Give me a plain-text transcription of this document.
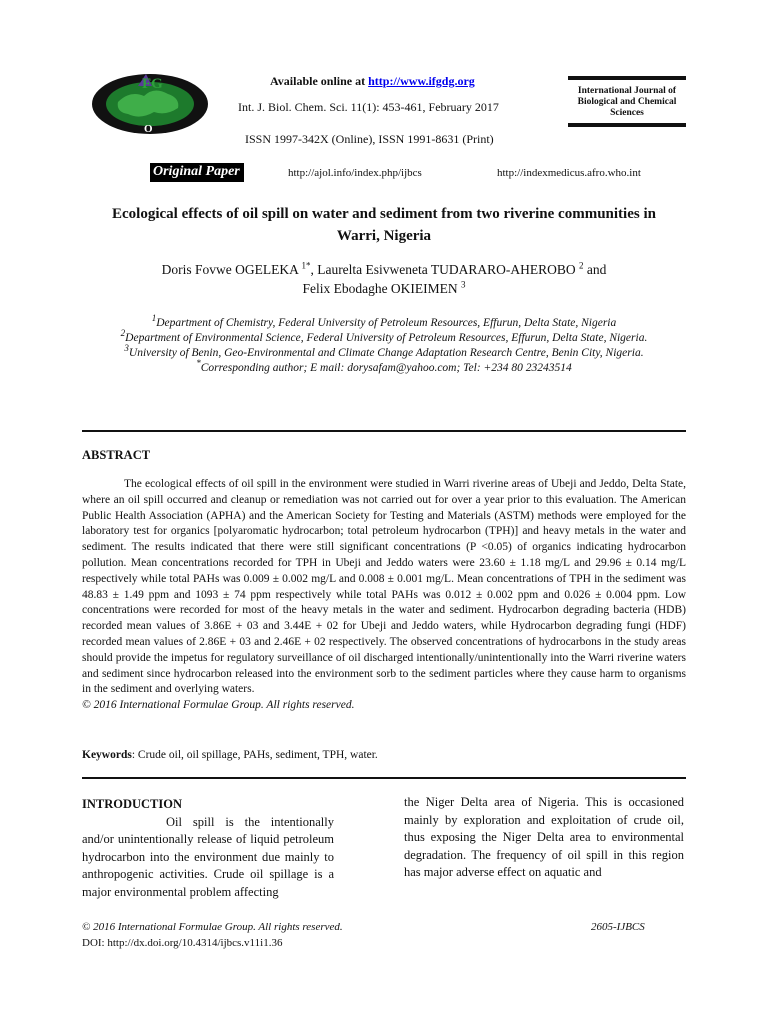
FG
O
Available online at http://www.ifgdg.org
Int. J. Biol. Chem. Sci. 11(1): 453-461, February 2017
ISSN 1997-342X (Online), ISSN 1991-8631 (Print)
International Journal of Biological and Chemical Sciences
Original Paper	http://ajol.info/index.php/ijbcs	http://indexmedicus.afro.who.int
Ecological effects of oil spill on water and sediment from two riverine communities in Warri, Nigeria
Doris Fovwe OGELEKA $^{1*}$, Laurelta Esivweneta TUDARARO-AHEROBO $^2$ and
Felix Ebodaghe OKIEIMEN $^3$

$^1$Department of Chemistry, Federal University of Petroleum Resources, Effurun, Delta State, Nigeria

$^2$Department of Environmental Science, Federal University of Petroleum Resources, Effurun, Delta State, Nigeria.

$^3$University of Benin, Geo-Environmental and Climate Change Adaptation Research Centre, Benin City, Nigeria.

*Corresponding author; E mail: dorysafam@yahoo.com; Tel: +234 80 23243514

ABSTRACT

The ecological effects of oil spill in the environment were studied in Warri riverine areas of Ubeji and Jeddo, Delta State, where an oil spill occurred and cleanup or remediation was not carried out for over a year prior to this evaluation. The American Public Health Association (APHA) and the American Society for Testing and Materials (ASTM) methods were employed for the laboratory test for organics [polyaromatic hydrocarbon; total petroleum hydrocarbon (TPH)] and heavy metals in the water and sediment. The results indicated that there were still significant concentrations (P <0.05) of organics indicating hydrocarbon pollution. Mean concentrations recorded for TPH in Ubeji and Jeddo waters were 23.60 ± 1.18 mg/L and 29.96 ± 0.14 mg/L respectively while total PAHs was 0.009 ± 0.002 mg/L and 0.008 ± 0.001 mg/L. Mean concentrations of TPH in the sediment was 48.83 ± 1.49 ppm and 1093 ± 74 ppm respectively while total PAHs was 0.012 ± 0.002 ppm and 0.026 ± 0.004 ppm. Low concentrations were recorded for most of the heavy metals in the water and sediment. Hydrocarbon degrading bacteria (HDB) recorded mean values of 3.86E + 03 and 3.44E + 02 for Ubeji and Jeddo waters, while Hydrocarbon degrading fungi (HDF) recorded mean values of 2.86E + 03 and 2.46E + 02 respectively. The observed concentrations of hydrocarbons in the study areas should provide the impetus for regulatory surveillance of oil discharged intentionally/unintentionally into the Warri riverine waters and sediment since hydrocarbon released into the environment sorb to the sediment particles where they cause harm to organisms in the sediment and overlying waters.

© 2016 International Formulae Group. All rights reserved.

Keywords: Crude oil, oil spillage, PAHs, sediment, TPH, water.
INTRODUCTION

Oil spill is the intentionally and/or unintentionally release of liquid petroleum hydrocarbon into the environment due mainly to anthropogenic activities. Crude oil spillage is a major environmental problem affecting

the Niger Delta area of Nigeria. This is occasioned mainly by exploration and exploitation of crude oil, thus exposing the Niger Delta area to environmental degradation. The frequency of oil spill in this region has major adverse effect on aquatic and

© 2016 International Formulae Group. All rights reserved.	2605-IJBCS
DOI: http://dx.doi.org/10.4314/ijbcs.v11i1.36
